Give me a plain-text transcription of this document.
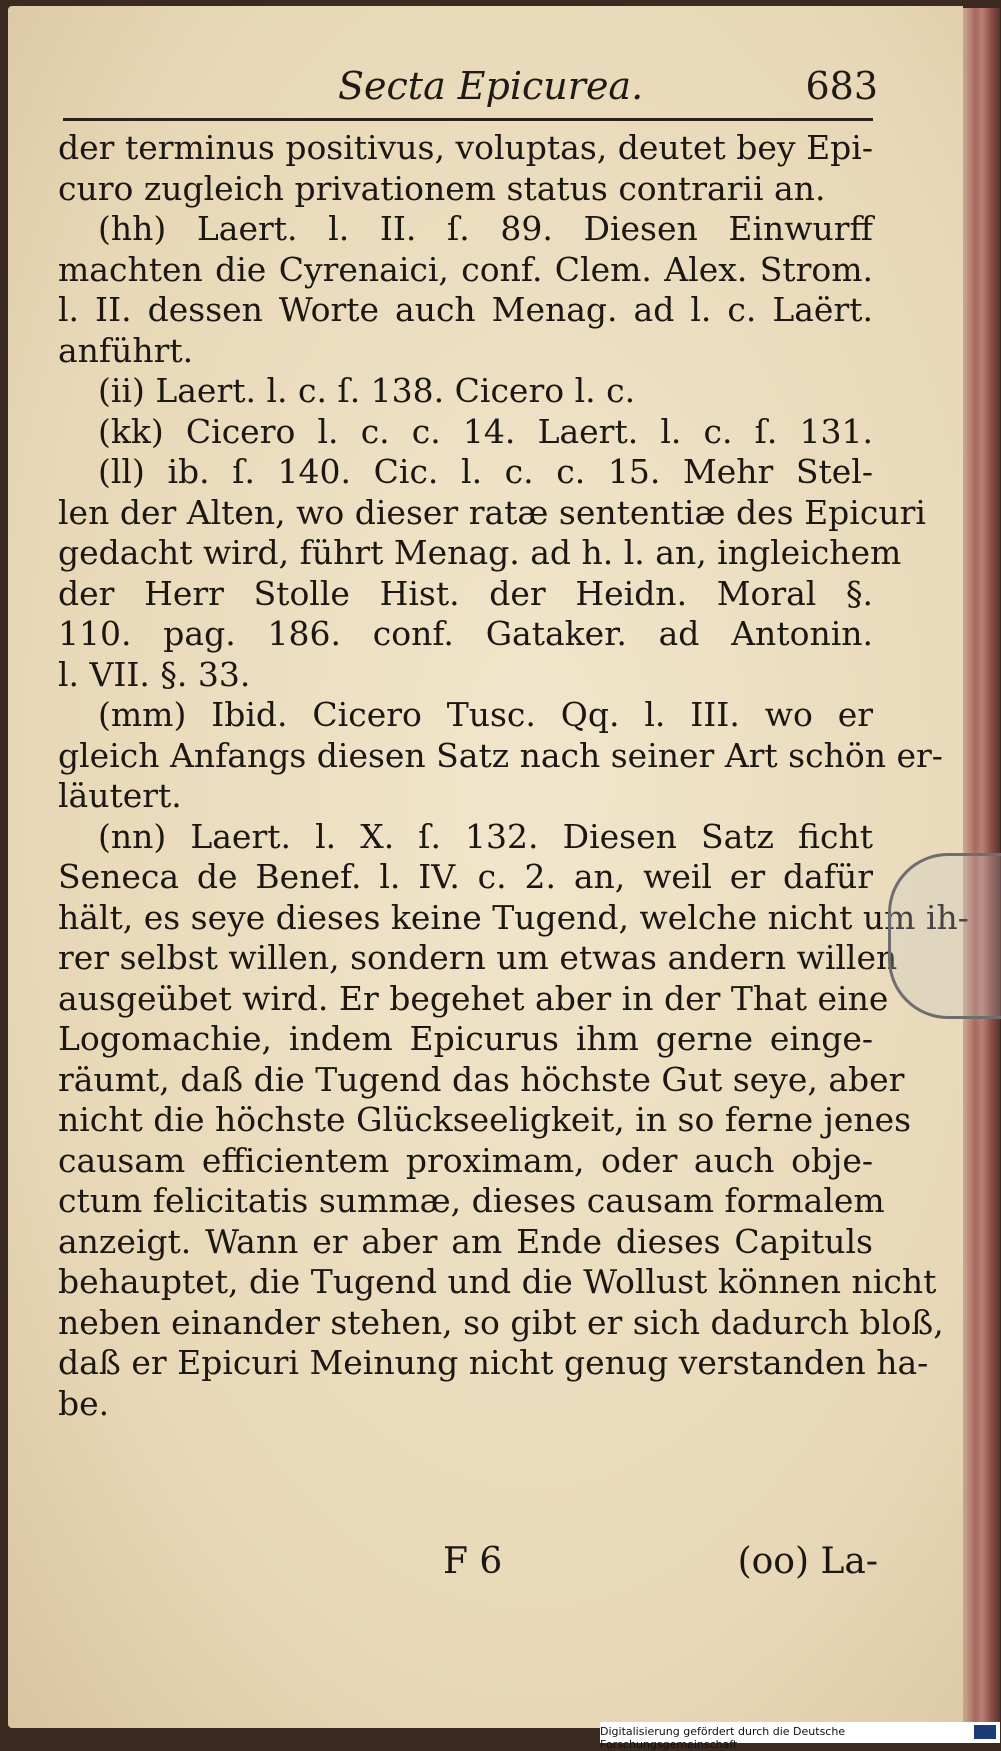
Secta Epicurea.	683
der terminus positivus, voluptas, deutet bey Epi-
curo zugleich privationem status contrarii an.
(hh) Laert. l. II. ſ. 89. Diesen Einwurff
machten die Cyrenaici, conf. Clem. Alex. Strom.
l. II. dessen Worte auch Menag. ad l. c. Laërt.
anführt.
(ii) Laert. l. c. ſ. 138. Cicero l. c.
(kk) Cicero l. c. c. 14. Laert. l. c. ſ. 131.
(ll) ib. ſ. 140. Cic. l. c. c. 15. Mehr Stel-
len der Alten, wo dieser ratæ sententiæ des Epicuri
gedacht wird, führt Menag. ad h. l. an, ingleichem
der Herr Stolle Hist. der Heidn. Moral §.
110. pag. 186. conf. Gataker. ad Antonin.
l. VII. §. 33.
(mm) Ibid. Cicero Tusc. Qq. l. III. wo er
gleich Anfangs diesen Satz nach seiner Art schön er-
läutert.
(nn) Laert. l. X. ſ. 132. Diesen Satz ficht
Seneca de Benef. l. IV. c. 2. an, weil er dafür
hält, es seye dieses keine Tugend, welche nicht um ih-
rer selbst willen, sondern um etwas andern willen
ausgeübet wird. Er begehet aber in der That eine
Logomachie, indem Epicurus ihm gerne einge-
räumt, daß die Tugend das höchste Gut seye, aber
nicht die höchste Glückseeligkeit, in so ferne jenes
causam efficientem proximam, oder auch obje-
ctum felicitatis summæ, dieses causam formalem
anzeigt. Wann er aber am Ende dieses Capituls
behauptet, die Tugend und die Wollust können nicht
neben einander stehen, so gibt er sich dadurch bloß,
daß er Epicuri Meinung nicht genug verstanden ha-
be.
F 6	(oo) La-
Digitalisierung gefördert durch die Deutsche Forschungsgemeinschaft
